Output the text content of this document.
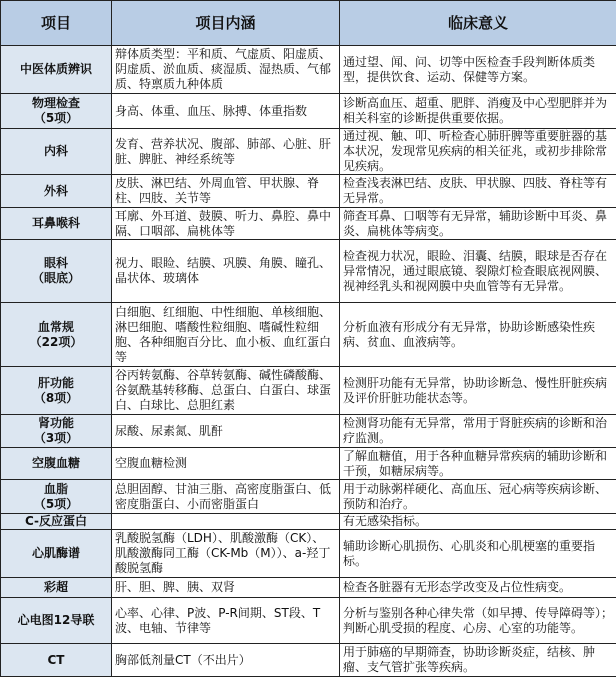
项目	项目内涵	临床意义
中医体质辨识	辩体质类型：平和质、气虚质、阳虚质、阴虚质、淤血质、痰湿质、湿热质、气郁质、特禀质九种体质	通过望、闻、问、切等中医检查手段判断体质类型，提供饮食、运动、保健等方案。
物理检查
（5项）	身高、体重、血压、脉搏、体重指数	诊断高血压、超重、肥胖、消瘦及中心型肥胖并为相关科室的诊断提供重要依据。
内科	发育、营养状况、腹部、肺部、心脏、肝脏、脾脏、神经系统等	通过视、触、叩、听检查心肺肝脾等重要脏器的基本状况，发现常见疾病的相关征兆，或初步排除常见疾病。
外科	皮肤、淋巴结、外周血管、甲状腺、脊柱、四肢、关节等	检查浅表淋巴结、皮肤、甲状腺、四肢、脊柱等有无异常。
耳鼻喉科	耳廓、外耳道、鼓膜、听力、鼻腔、鼻中隔、口咽部、扁桃体等	筛查耳鼻、口咽等有无异常，辅助诊断中耳炎、鼻炎、扁桃体等病变。
眼科
（眼底）	视力、眼睑、结膜、巩膜、角膜、瞳孔、晶状体、玻璃体	检查视力状况，眼睑、泪囊、结膜，眼球是否存在异常情况，通过眼底镜、裂隙灯检查眼底视网膜、视神经乳头和视网膜中央血管等有无异常。
血常规
（22项）	白细胞、红细胞、中性细胞、单核细胞、淋巴细胞、嗜酸性粒细胞、嗜碱性粒细胞、各种细胞百分比、血小板、血红蛋白等	分析血液有形成分有无异常，协助诊断感染性疾病、贫血、血液病等。
肝功能
（8项）	谷丙转氨酶、谷草转氨酶、碱性磷酸酶、谷氨酰基转移酶、总蛋白、白蛋白、球蛋白、白球比、总胆红素	检测肝功能有无异常，协助诊断急、慢性肝脏疾病及评价肝脏功能状态等。
肾功能
（3项）	尿酸、尿素氮、肌酐	检测肾功能有无异常，常用于肾脏疾病的诊断和治疗监测。
空腹血糖	空腹血糖检测	了解血糖值，用于各种血糖异常疾病的辅助诊断和干预，如糖尿病等。
血脂
（5项）	总胆固醇、甘油三脂、高密度脂蛋白、低密度脂蛋白、小而密脂蛋白	用于动脉粥样硬化、高血压、冠心病等疾病诊断、预防和治疗。
C-反应蛋白		有无感染指标。
心肌酶谱	乳酸脱氢酶（LDH）、肌酸激酶（CK）、肌酸激酶同工酶（CK-Mb（M））、a-羟丁酸脱氢酶	辅助诊断心肌损伤、心肌炎和心肌梗塞的重要指标。
彩超	肝、胆、脾、胰、双肾	检查各脏器有无形态学改变及占位性病变。
心电图12导联	心率、心律、P波、P-R间期、ST段、T波、电轴、节律等	分析与鉴别各种心律失常（如早搏、传导障碍等）；判断心肌受损的程度、心房、心室的功能等。
CT	胸部低剂量CT（不出片）	用于肺癌的早期筛查，协助诊断炎症，结核、肿瘤、支气管扩张等疾病。
